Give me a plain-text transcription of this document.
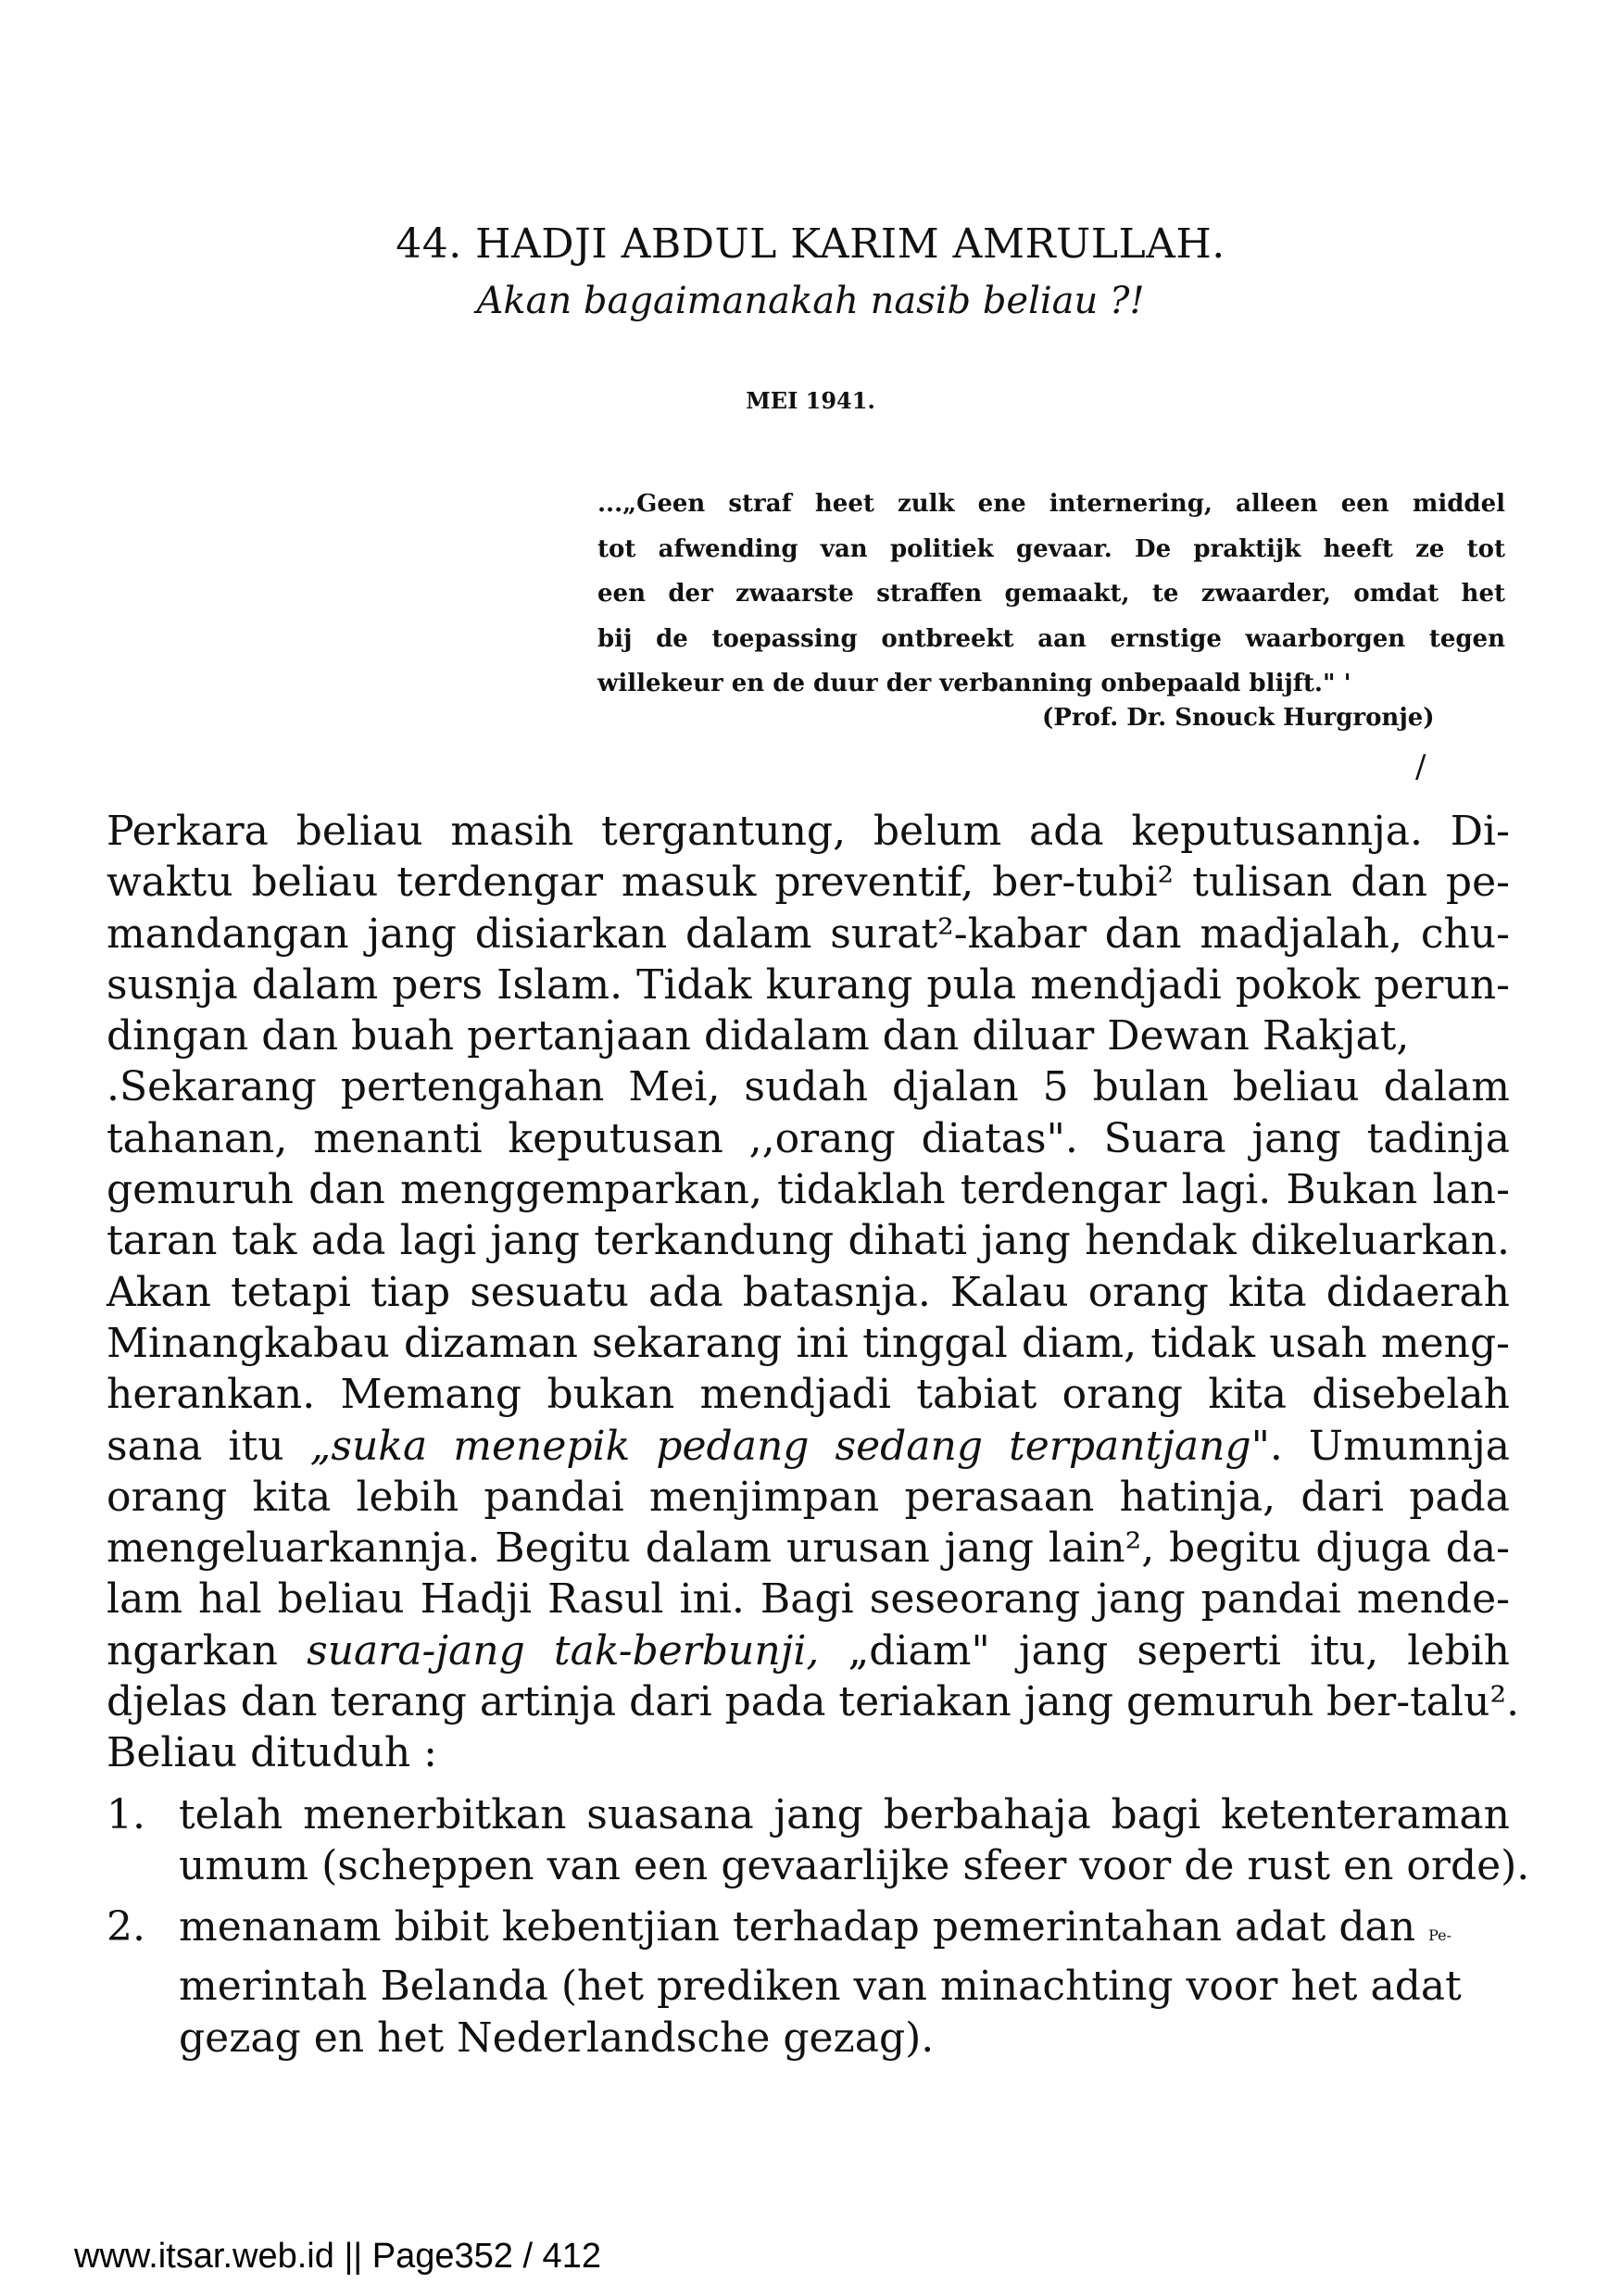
44. HADJI ABDUL KARIM AMRULLAH.
Akan bagaimanakah nasib beliau ?!
MEI 1941.
...„Geen straf heet zulk ene internering, alleen een middel
tot afwending van politiek gevaar. De praktijk heeft ze tot
een der zwaarste straffen gemaakt, te zwaarder, omdat het
bij de toepassing ontbreekt aan ernstige waarborgen tegen
willekeur en de duur der verbanning onbepaald blijft." '
(Prof. Dr. Snouck Hurgronje)
/
Perkara beliau masih tergantung, belum ada keputusannja. Di-
waktu beliau terdengar masuk preventif, ber-tubi² tulisan dan pe-
mandangan jang disiarkan dalam surat²-kabar dan madjalah, chu-
susnja dalam pers Islam. Tidak kurang pula mendjadi pokok perun-
dingan dan buah pertanjaan didalam dan diluar Dewan Rakjat,
.Sekarang pertengahan Mei, sudah djalan 5 bulan beliau dalam
tahanan, menanti keputusan ,,orang diatas". Suara jang tadinja
gemuruh dan menggemparkan, tidaklah terdengar lagi. Bukan lan-
taran tak ada lagi jang terkandung dihati jang hendak dikeluarkan.
Akan tetapi tiap sesuatu ada batasnja. Kalau orang kita didaerah
Minangkabau dizaman sekarang ini tinggal diam, tidak usah meng-
herankan. Memang bukan mendjadi tabiat orang kita disebelah
sana itu „suka menepik pedang sedang terpantjang". Umumnja
orang kita lebih pandai menjimpan perasaan hatinja, dari pada
mengeluarkannja. Begitu dalam urusan jang lain², begitu djuga da-
lam hal beliau Hadji Rasul ini. Bagi seseorang jang pandai mende-
ngarkan suara-jang tak-berbunji, „diam" jang seperti itu, lebih
djelas dan terang artinja dari pada teriakan jang gemuruh ber-talu².
Beliau dituduh :
1. telah menerbitkan suasana jang berbahaja bagi ketenteraman
umum (scheppen van een gevaarlijke sfeer voor de rust en orde).
2. menanam bibit kebentjian terhadap pemerintahan adat dan Pe-
merintah Belanda (het prediken van minachting voor het adat
gezag en het Nederlandsche gezag).
www.itsar.web.id || Page352 / 412
